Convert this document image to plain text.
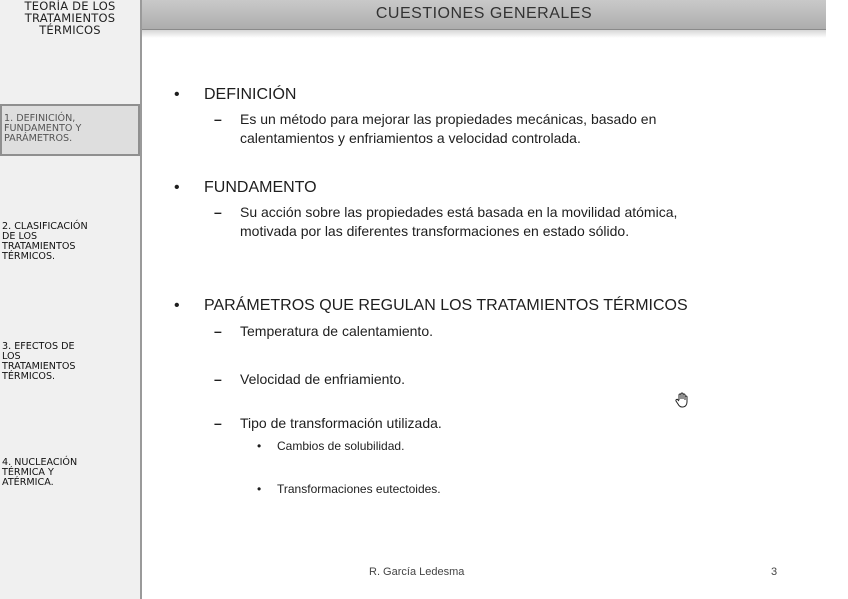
TEORÍA DE LOS
TRATAMIENTOS
TÉRMICOS
1. DEFINICIÓN,
FUNDAMENTO Y
PARÁMETROS.
2. CLASIFICACIÓN
DE LOS
TRATAMIENTOS
TÉRMICOS.
3. EFECTOS DE
LOS
TRATAMIENTOS
TÉRMICOS.
4. NUCLEACIÓN
TÉRMICA Y
ATÉRMICA.
CUESTIONES GENERALES
• DEFINICIÓN
– Es un método para mejorar las propiedades mecánicas, basado en
calentamientos y enfriamientos a velocidad controlada.
• FUNDAMENTO
– Su acción sobre las propiedades está basada en la movilidad atómica,
motivada por las diferentes transformaciones en estado sólido.
• PARÁMETROS QUE REGULAN LOS TRATAMIENTOS TÉRMICOS
– Temperatura de calentamiento.
– Velocidad de enfriamiento.
– Tipo de transformación utilizada.
• Cambios de solubilidad.
• Transformaciones eutectoides.
R. García Ledesma	3
